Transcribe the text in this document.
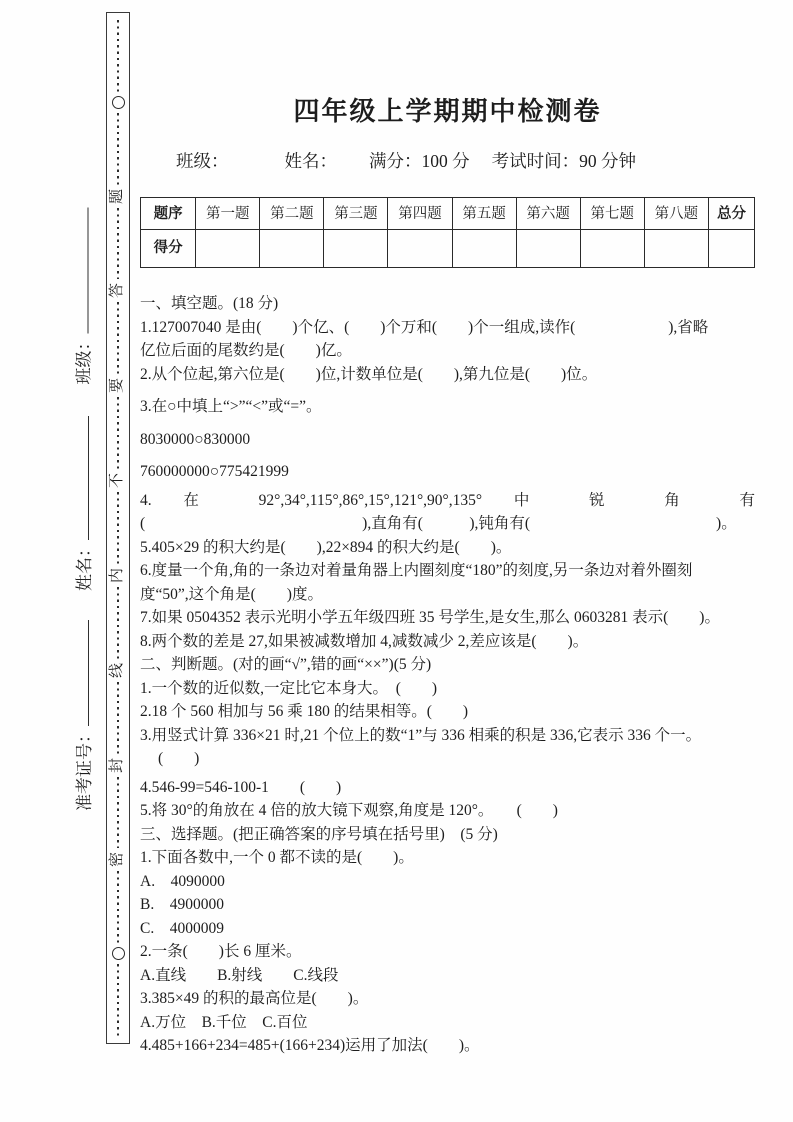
题
答
要
不
内
线
封
密
班级：
姓名：
准考证号：
四年级上学期期中检测卷
班级：	姓名： 满分：100 分 考试时间：90 分钟
题序	第一题	第二题	第三题	第四题	第五题	第六题	第七题	第八题	总分
得分									
一、填空题。(18 分)
1.127007040 是由(　　)个亿、(　　)个万和(　　)个一组成,读作(　　　　　　),省略
亿位后面的尾数约是(　　)亿。
2.从个位起,第六位是(　　)位,计数单位是(　　),第九位是(　　)位。
3.在○中填上“>”“<”或“=”。
8030000○830000
760000000○775421999
4. 在 92°,34°,115°,86°,15°,121°,90°,135° 中 锐 角 有
(　　　　　　　　　　　　　　),直角有(　　　),钝角有(　　　　　　　　　　　　)。
5.405×29 的积大约是(　　),22×894 的积大约是(　　)。
6.度量一个角,角的一条边对着量角器上内圈刻度“180”的刻度,另一条边对着外圈刻
度“50”,这个角是(　　)度。
7.如果 0504352 表示光明小学五年级四班 35 号学生,是女生,那么 0603281 表示(　　)。
8.两个数的差是 27,如果被减数增加 4,减数减少 2,差应该是(　　)。
二、判断题。(对的画“√”,错的画“××”)(5 分)
1.一个数的近似数,一定比它本身大。　(　　)
2.18 个 560 相加与 56 乘 180 的结果相等。(　　)
3.用竖式计算 336×21 时,21 个位上的数“1”与 336 相乘的积是 336,它表示 336 个一。
(　　)
4.546-99=546-100-1　　(　　)
5.将 30°的角放在 4 倍的放大镜下观察,角度是 120°。　　(　　)
三、选择题。(把正确答案的序号填在括号里)　(5 分)
1.下面各数中,一个 0 都不读的是(　　)。
A.　4090000
B.　4900000
C.　4000009
2.一条(　　)长 6 厘米。
A.直线　　B.射线　　C.线段
3.385×49 的积的最高位是(　　)。
A.万位　B.千位　C.百位
4.485+166+234=485+(166+234)运用了加法(　　)。
